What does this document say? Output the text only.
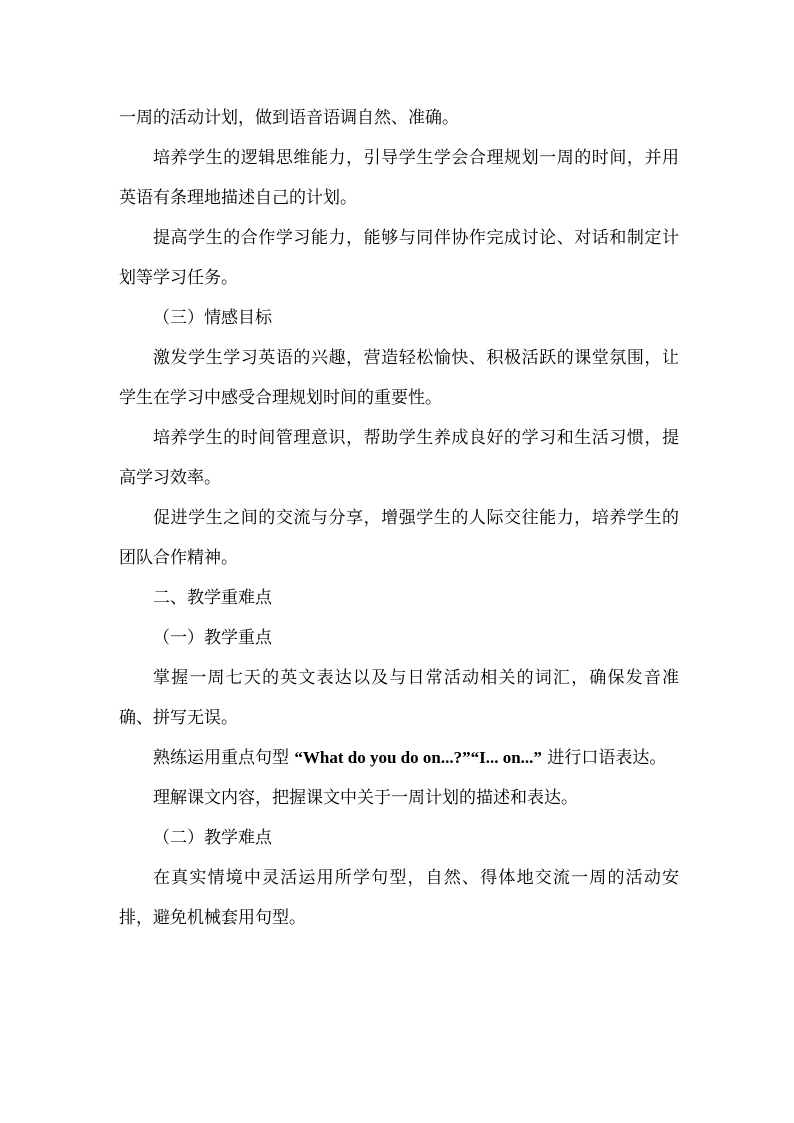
一周的活动计划，做到语音语调自然、准确。

培养学生的逻辑思维能力，引导学生学会合理规划一周的时间，并用英语有条理地描述自己的计划。

提高学生的合作学习能力，能够与同伴协作完成讨论、对话和制定计划等学习任务。

（三）情感目标

激发学生学习英语的兴趣，营造轻松愉快、积极活跃的课堂氛围，让学生在学习中感受合理规划时间的重要性。

培养学生的时间管理意识，帮助学生养成良好的学习和生活习惯，提高学习效率。

促进学生之间的交流与分享，增强学生的人际交往能力，培养学生的团队合作精神。

二、教学重难点

（一）教学重点

掌握一周七天的英文表达以及与日常活动相关的词汇，确保发音准确、拼写无误。

熟练运用重点句型 “What do you do on...?”“I... on...” 进行口语表达。

理解课文内容，把握课文中关于一周计划的描述和表达。

（二）教学难点

在真实情境中灵活运用所学句型，自然、得体地交流一周的活动安排，避免机械套用句型。
